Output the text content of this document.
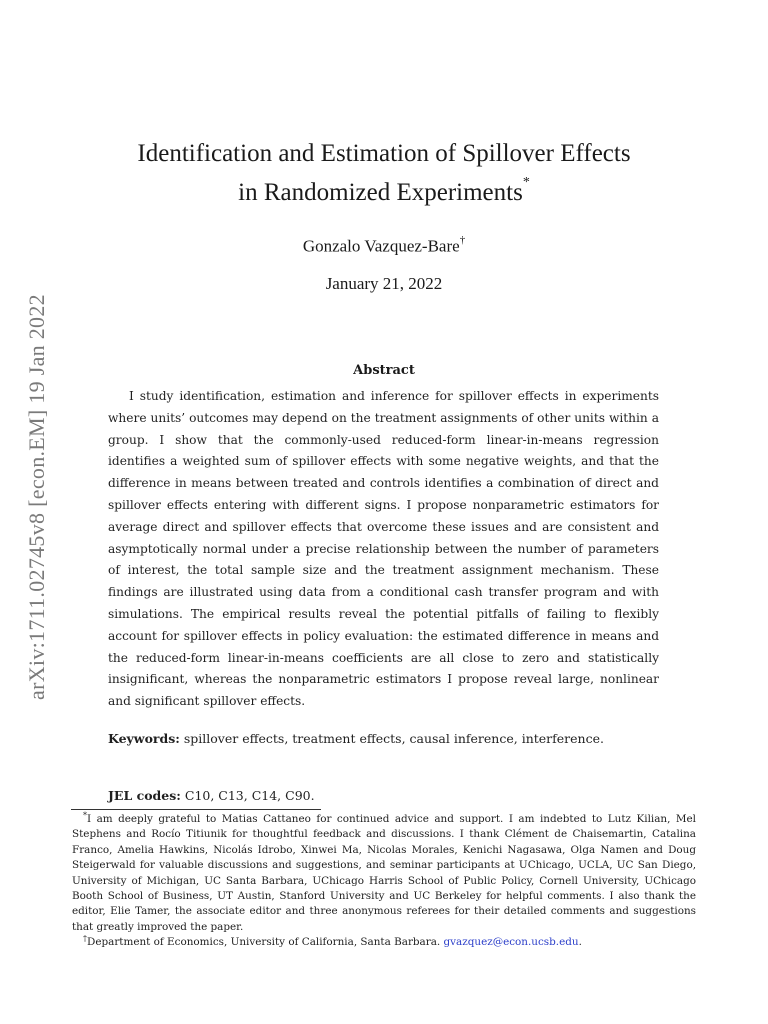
arXiv:1711.02745v8 [econ.EM] 19 Jan 2022
Identification and Estimation of Spillover Effects
in Randomized Experiments*
Gonzalo Vazquez-Bare†
January 21, 2022
Abstract

I study identification, estimation and inference for spillover effects in experiments where units’ outcomes may depend on the treatment assignments of other units within a group. I show that the commonly-used reduced-form linear-in-means regression identifies a weighted sum of spillover effects with some negative weights, and that the difference in means between treated and controls identifies a combination of direct and spillover effects entering with different signs. I propose nonparametric estimators for average direct and spillover effects that overcome these issues and are consistent and asymptotically normal under a precise relationship between the number of parameters of interest, the total sample size and the treatment assignment mechanism. These findings are illustrated using data from a conditional cash transfer program and with simulations. The empirical results reveal the potential pitfalls of failing to flexibly account for spillover effects in policy evaluation: the estimated difference in means and the reduced-form linear-in-means coefficients are all close to zero and statistically insignificant, whereas the nonparametric estimators I propose reveal large, nonlinear and significant spillover effects.

Keywords: spillover effects, treatment effects, causal inference, interference.
JEL codes: C10, C13, C14, C90.

*I am deeply grateful to Matias Cattaneo for continued advice and support. I am indebted to Lutz Kilian, Mel Stephens and Rocío Titiunik for thoughtful feedback and discussions. I thank Clément de Chaisemartin, Catalina Franco, Amelia Hawkins, Nicolás Idrobo, Xinwei Ma, Nicolas Morales, Kenichi Nagasawa, Olga Namen and Doug Steigerwald for valuable discussions and suggestions, and seminar participants at UChicago, UCLA, UC San Diego, University of Michigan, UC Santa Barbara, UChicago Harris School of Public Policy, Cornell University, UChicago Booth School of Business, UT Austin, Stanford University and UC Berkeley for helpful comments. I also thank the editor, Elie Tamer, the associate editor and three anonymous referees for their detailed comments and suggestions that greatly improved the paper.

†Department of Economics, University of California, Santa Barbara. gvazquez@econ.ucsb.edu.
